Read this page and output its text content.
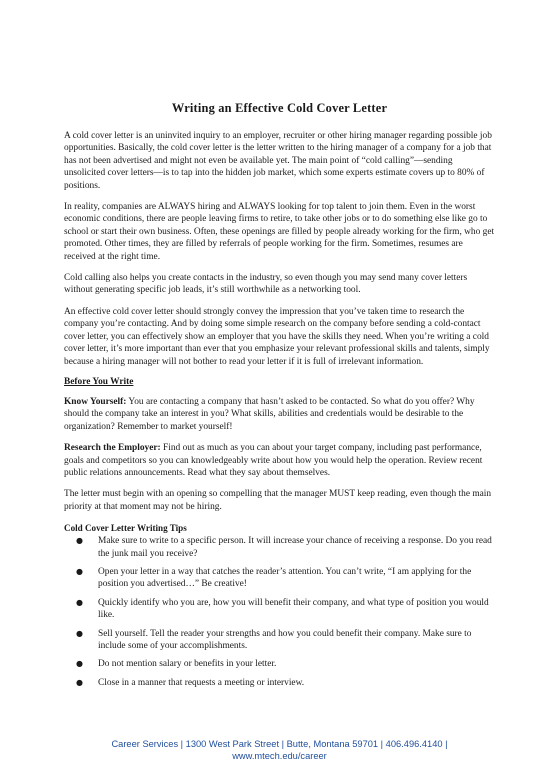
Writing an Effective Cold Cover Letter

A cold cover letter is an uninvited inquiry to an employer, recruiter or other hiring manager regarding possible job opportunities. Basically, the cold cover letter is the letter written to the hiring manager of a company for a job that has not been advertised and might not even be available yet. The main point of “cold calling”—sending unsolicited cover letters—is to tap into the hidden job market, which some experts estimate covers up to 80% of positions.

In reality, companies are ALWAYS hiring and ALWAYS looking for top talent to join them. Even in the worst economic conditions, there are people leaving firms to retire, to take other jobs or to do something else like go to school or start their own business. Often, these openings are filled by people already working for the firm, who get promoted. Other times, they are filled by referrals of people working for the firm. Sometimes, resumes are received at the right time.

Cold calling also helps you create contacts in the industry, so even though you may send many cover letters without generating specific job leads, it’s still worthwhile as a networking tool.

An effective cold cover letter should strongly convey the impression that you’ve taken time to research the company you’re contacting. And by doing some simple research on the company before sending a cold-contact cover letter, you can effectively show an employer that you have the skills they need. When you’re writing a cold cover letter, it’s more important than ever that you emphasize your relevant professional skills and talents, simply because a hiring manager will not bother to read your letter if it is full of irrelevant information.

Before You Write

Know Yourself: You are contacting a company that hasn’t asked to be contacted. So what do you offer? Why should the company take an interest in you? What skills, abilities and credentials would be desirable to the organization? Remember to market yourself!

Research the Employer: Find out as much as you can about your target company, including past performance, goals and competitors so you can knowledgeably write about how you would help the operation. Review recent public relations announcements. Read what they say about themselves.

The letter must begin with an opening so compelling that the manager MUST keep reading, even though the main priority at that moment may not be hiring.

Cold Cover Letter Writing Tips
● Make sure to write to a specific person. It will increase your chance of receiving a response. Do you read the junk mail you receive?
● Open your letter in a way that catches the reader’s attention. You can’t write, “I am applying for the position you advertised…” Be creative!
● Quickly identify who you are, how you will benefit their company, and what type of position you would like.
● Sell yourself. Tell the reader your strengths and how you could benefit their company. Make sure to include some of your accomplishments.
● Do not mention salary or benefits in your letter.
● Close in a manner that requests a meeting or interview.
Career Services | 1300 West Park Street | Butte, Montana 59701 | 406.496.4140 |
www.mtech.edu/career
